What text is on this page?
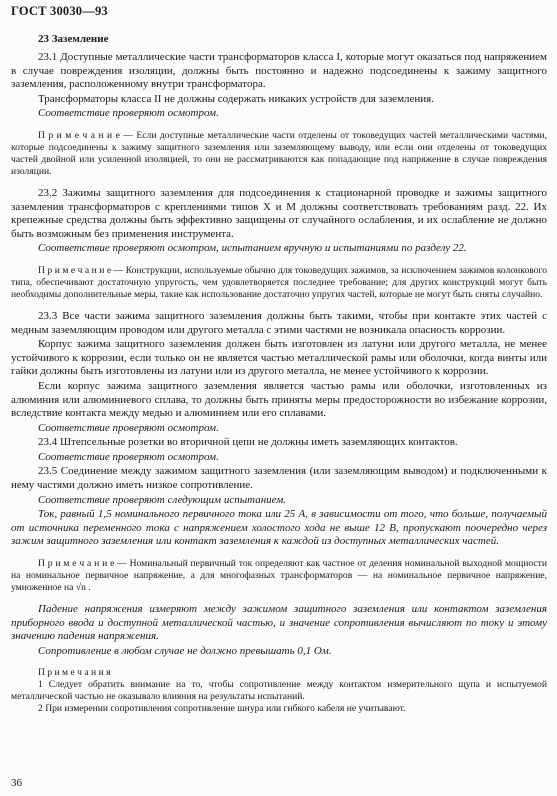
ГОСТ 30030—93

23 Заземление

23.1 Доступные металлические части трансформаторов класса I, которые могут оказаться под напряжением в случае повреждения изоляции, должны быть постоянно и надежно подсоединены к зажиму защитного заземления, расположенному внутри трансформатора.

Трансформаторы класса II не должны содержать никаких устройств для заземления.

Соответствие проверяют осмотром.

П р и м е ч а н и е — Если доступные металлические части отделены от токоведущих частей металлическими частями, которые подсоединены к зажиму защитного заземления или заземляющему выводу, или если они отделены от токоведущих частей двойной или усиленной изоляцией, то они не рассматриваются как попадающие под напряжение в случае повреждения изоляции.

23.2 Зажимы защитного заземления для подсоединения к стационарной проводке и зажимы защитного заземления трансформаторов с креплениями типов X и M должны соответствовать требованиям разд. 22. Их крепежные средства должны быть эффективно защищены от случайного ослабления, и их ослабление не должно быть возможным без применения инструмента.

Соответствие проверяют осмотром, испытанием вручную и испытаниями по разделу 22.

П р и м е ч а н и е — Конструкции, используемые обычно для токоведущих зажимов, за исключением зажимов колонкового типа, обеспечивают достаточную упругость, чем удовлетворяется последнее требование; для других конструкций могут быть необходимы дополнительные меры, такие как использование достаточно упругих частей, которые не могут быть сняты случайно.

23.3 Все части зажима защитного заземления должны быть такими, чтобы при контакте этих частей с медным заземляющим проводом или другого металла с этими частями не возникала опасность коррозии.

Корпус зажима защитного заземления должен быть изготовлен из латуни или другого металла, не менее устойчивого к коррозии, если только он не является частью металлической рамы или оболочки, когда винты или гайки должны быть изготовлены из латуни или из другого металла, не менее устойчивого к коррозии.

Если корпус зажима защитного заземления является частью рамы или оболочки, изготовленных из алюминия или алюминиевого сплава, то должны быть приняты меры предосторожности во избежание коррозии, вследствие контакта между медью и алюминием или его сплавами.

Соответствие проверяют осмотром.

23.4 Штепсельные розетки во вторичной цепи не должны иметь заземляющих контактов.

Соответствие проверяют осмотром.

23.5 Соединение между зажимом защитного заземления (или заземляющим выводом) и подключенными к нему частями должно иметь низкое сопротивление.

Соответствие проверяют следующим испытанием.

Ток, равный 1,5 номинального первичного тока или 25 А, в зависимости от того, что больше, получаемый от источника переменного тока с напряжением холостого хода не выше 12 В, пропускают поочередно через зажим защитного заземления или контакт заземления к каждой из доступных металлических частей.

П р и м е ч а н и е — Номинальный первичный ток определяют как частное от деления номинальной выходной мощности на номинальное первичное напряжение, а для многофазных трансформаторов — на номинальное первичное напряжение, умноженное на √n .

Падение напряжения измеряют между зажимом защитного заземления или контактом заземления приборного ввода и доступной металлической частью, и значение сопротивления вычисляют по току и этому значению падения напряжения.

Сопротивление в любом случае не должно превышать 0,1 Ом.

П р и м е ч а н и я

1 Следует обратить внимание на то, чтобы сопротивление между контактом измерительного щупа и испытуемой металлической частью не оказывало влияния на результаты испытаний.

2 При измерении сопротивления сопротивление шнура или гибкого кабеля не учитывают.

36
